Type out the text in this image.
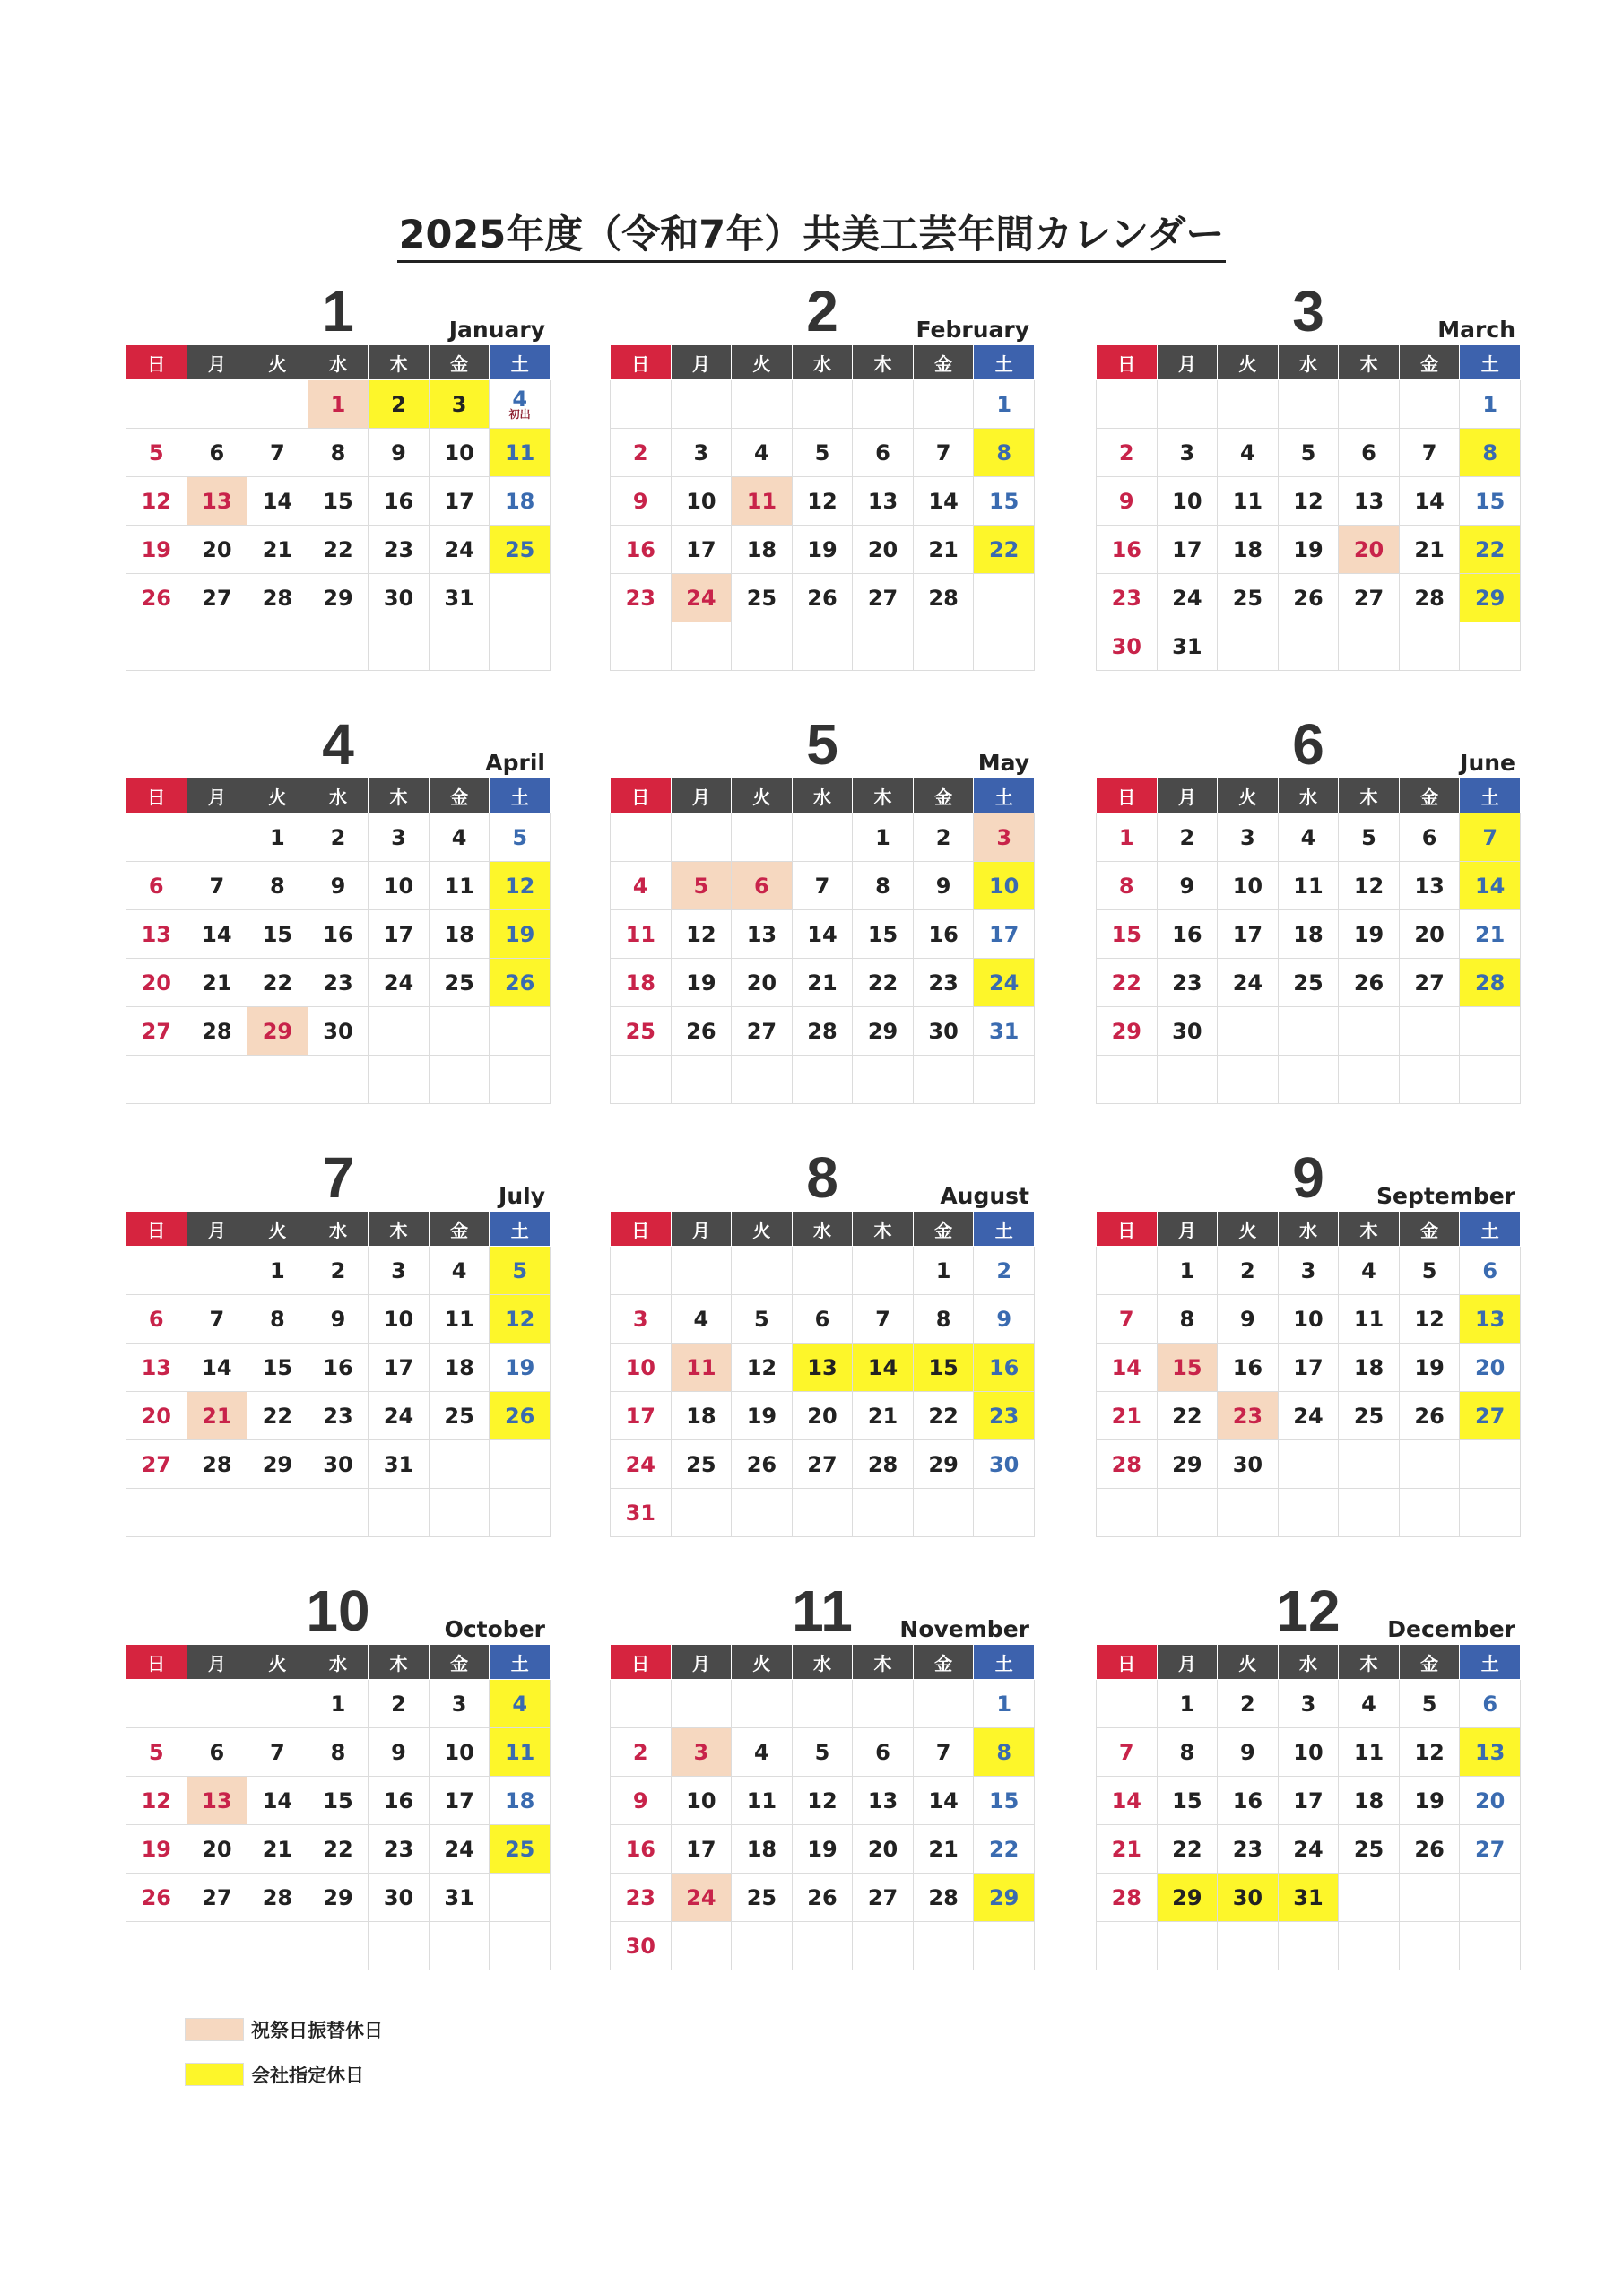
2025年度（令和7年）共美工芸年間カレンダー
1	January
日	月	火	水	木	金	土
			1	2	3	4
初出

5	6	7	8	9	10	11
12	13	14	15	16	17	18
19	20	21	22	23	24	25
26	27	28	29	30	31	

2	February
日	月	火	水	木	金	土
						1
2	3	4	5	6	7	8
9	10	11	12	13	14	15
16	17	18	19	20	21	22
23	24	25	26	27	28	

3	March
日	月	火	水	木	金	土
						1
2	3	4	5	6	7	8
9	10	11	12	13	14	15
16	17	18	19	20	21	22
23	24	25	26	27	28	29
30	31					
4	April
日	月	火	水	木	金	土
		1	2	3	4	5
6	7	8	9	10	11	12
13	14	15	16	17	18	19
20	21	22	23	24	25	26
27	28	29	30			

5	May
日	月	火	水	木	金	土
				1	2	3
4	5	6	7	8	9	10
11	12	13	14	15	16	17
18	19	20	21	22	23	24
25	26	27	28	29	30	31

6	June
日	月	火	水	木	金	土
1	2	3	4	5	6	7
8	9	10	11	12	13	14
15	16	17	18	19	20	21
22	23	24	25	26	27	28
29	30					

7	July
日	月	火	水	木	金	土
		1	2	3	4	5
6	7	8	9	10	11	12
13	14	15	16	17	18	19
20	21	22	23	24	25	26
27	28	29	30	31		

8	August
日	月	火	水	木	金	土
					1	2
3	4	5	6	7	8	9
10	11	12	13	14	15	16
17	18	19	20	21	22	23
24	25	26	27	28	29	30
31						
9	September
日	月	火	水	木	金	土
	1	2	3	4	5	6
7	8	9	10	11	12	13
14	15	16	17	18	19	20
21	22	23	24	25	26	27
28	29	30				

10	October
日	月	火	水	木	金	土
			1	2	3	4
5	6	7	8	9	10	11
12	13	14	15	16	17	18
19	20	21	22	23	24	25
26	27	28	29	30	31	

11	November
日	月	火	水	木	金	土
						1
2	3	4	5	6	7	8
9	10	11	12	13	14	15
16	17	18	19	20	21	22
23	24	25	26	27	28	29
30						
12	December
日	月	火	水	木	金	土
	1	2	3	4	5	6
7	8	9	10	11	12	13
14	15	16	17	18	19	20
21	22	23	24	25	26	27
28	29	30	31			

祝祭日振替休日
会社指定休日
